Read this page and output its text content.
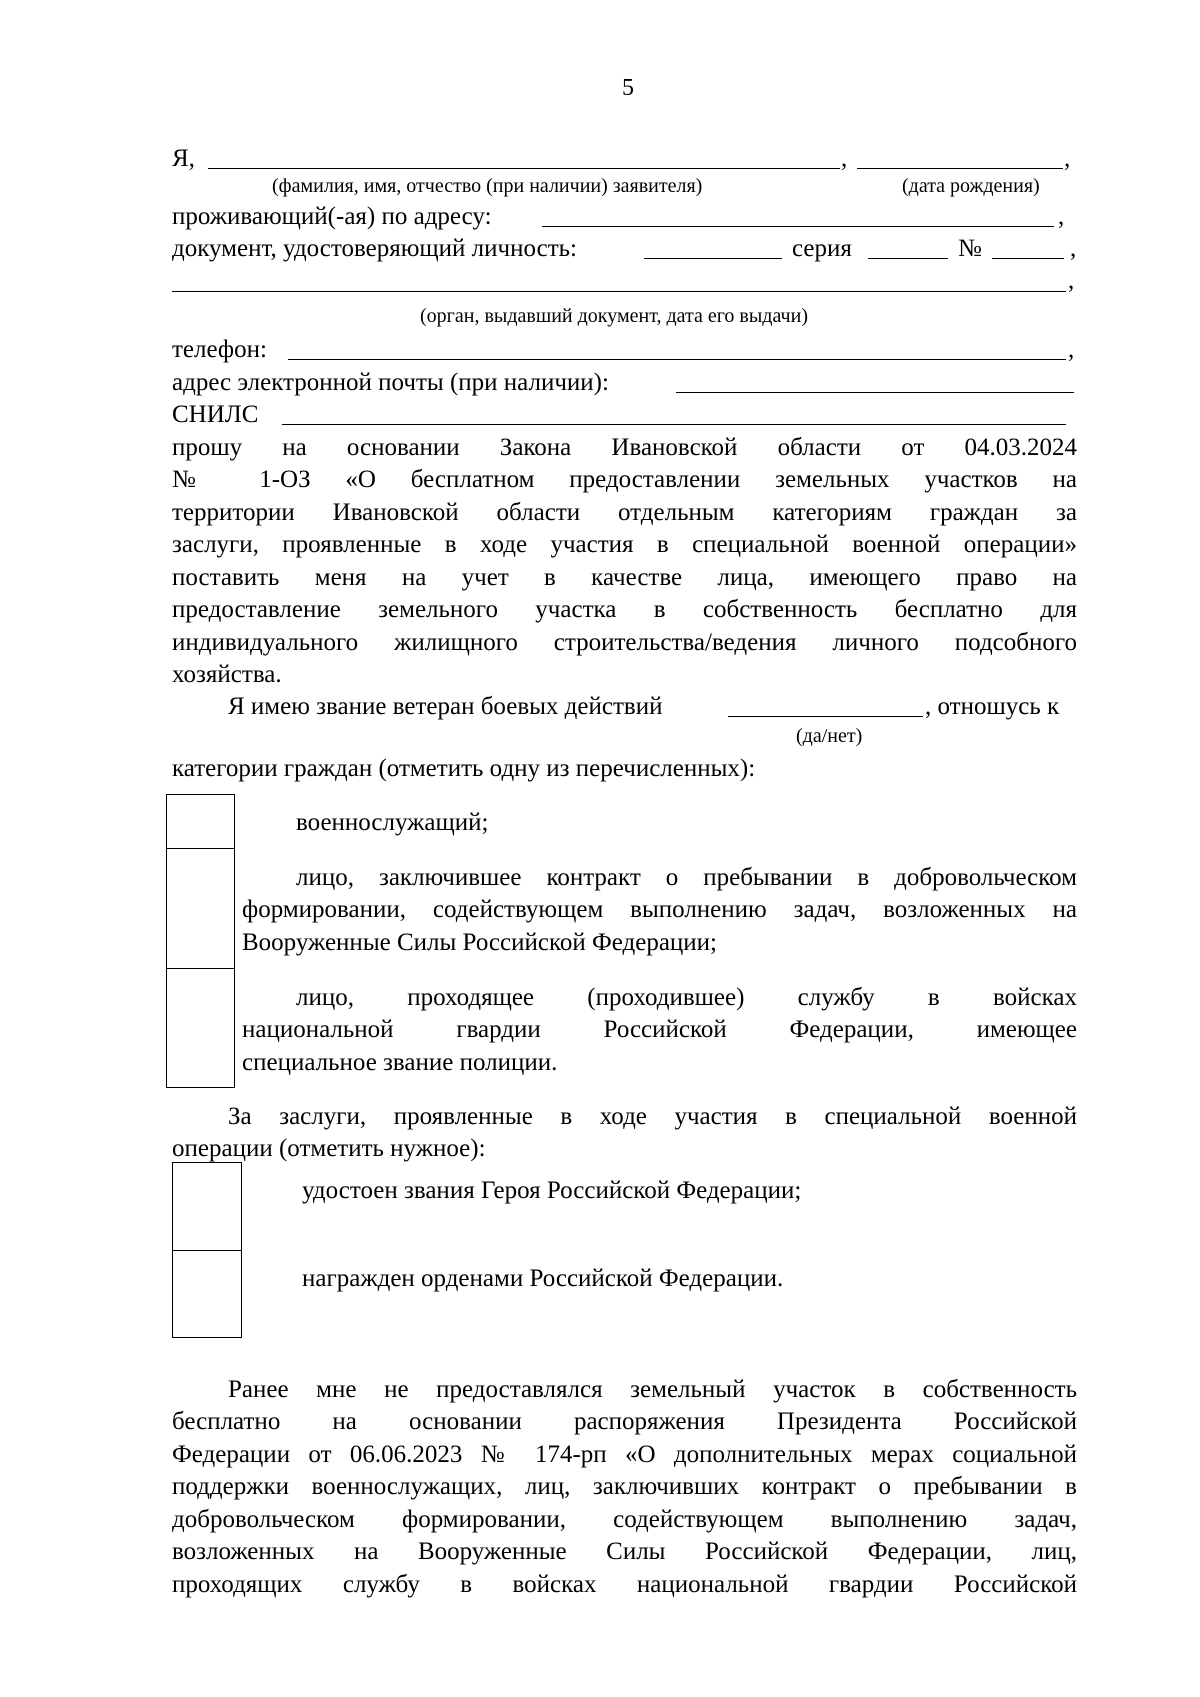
5
Я,	,	,
(фамилия, имя, отчество (при наличии) заявителя)	(дата рождения)
проживающий(-ая) по адресу:	,
документ, удостоверяющий личность:	серия	№	,
,
(орган, выдавший документ, дата его выдачи)
телефон:	,
адрес электронной почты (при наличии):
СНИЛС
прошу на основании Закона Ивановской области от 04.03.2024
№ 1-ОЗ «О бесплатном предоставлении земельных участков на
территории Ивановской области отдельным категориям граждан за
заслуги, проявленные в ходе участия в специальной военной операции»
поставить меня на учет в качестве лица, имеющего право на
предоставление земельного участка в собственность бесплатно для
индивидуального жилищного строительства/ведения личного подсобного
хозяйства.
Я имею звание ветеран боевых действий	, отношусь к
(да/нет)
категории граждан (отметить одну из перечисленных):
военнослужащий;
лицо, заключившее контракт о пребывании в добровольческом
формировании, содействующем выполнению задач, возложенных на
Вооруженные Силы Российской Федерации;
лицо, проходящее (проходившее) службу в войсках
национальной гвардии Российской Федерации, имеющее
специальное звание полиции.
За заслуги, проявленные в ходе участия в специальной военной
операции (отметить нужное):
удостоен звания Героя Российской Федерации;
награжден орденами Российской Федерации.
Ранее мне не предоставлялся земельный участок в собственность
бесплатно на основании распоряжения Президента Российской
Федерации от 06.06.2023 № 174-рп «О дополнительных мерах социальной
поддержки военнослужащих, лиц, заключивших контракт о пребывании в
добровольческом формировании, содействующем выполнению задач,
возложенных на Вооруженные Силы Российской Федерации, лиц,
проходящих службу в войсках национальной гвардии Российской
